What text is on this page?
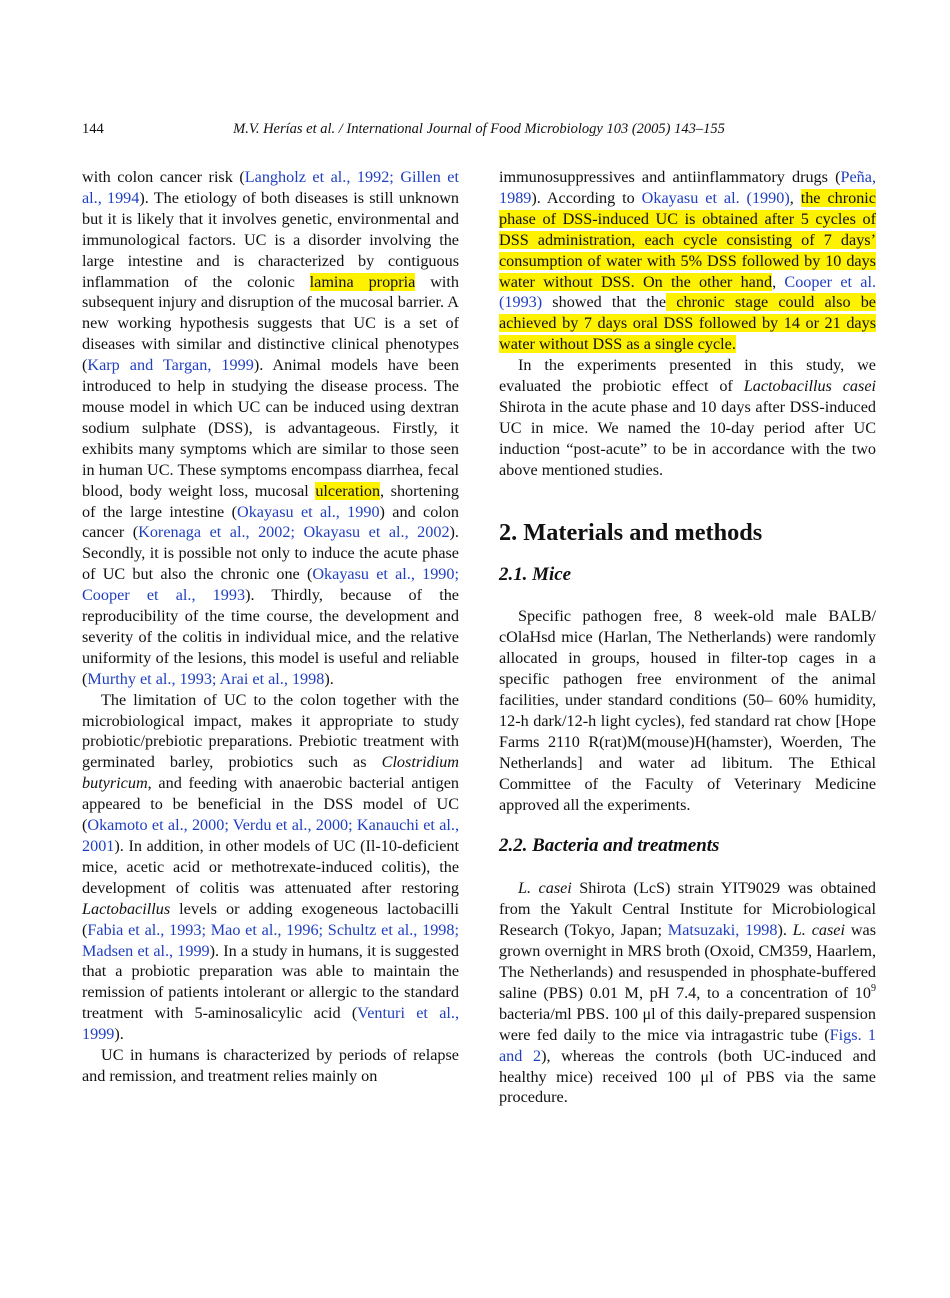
144	M.V. Herías et al. / International Journal of Food Microbiology 103 (2005) 143–155

with colon cancer risk (Langholz et al., 1992; Gillen et al., 1994). The etiology of both diseases is still unknown but it is likely that it involves genetic, environmental and immunological factors. UC is a disorder involving the large intestine and is characterized by contiguous inflammation of the colonic lamina propria with subsequent injury and disruption of the mucosal barrier. A new working hypothesis suggests that UC is a set of diseases with similar and distinctive clinical phenotypes (Karp and Targan, 1999). Animal models have been introduced to help in studying the disease process. The mouse model in which UC can be induced using dextran sodium sulphate (DSS), is advantageous. Firstly, it exhibits many symptoms which are similar to those seen in human UC. These symptoms encompass diarrhea, fecal blood, body weight loss, mucosal ulceration, shortening of the large intestine (Okayasu et al., 1990) and colon cancer (Korenaga et al., 2002; Okayasu et al., 2002). Secondly, it is possible not only to induce the acute phase of UC but also the chronic one (Okayasu et al., 1990; Cooper et al., 1993). Thirdly, because of the reproducibility of the time course, the development and severity of the colitis in individual mice, and the relative uniformity of the lesions, this model is useful and reliable (Murthy et al., 1993; Arai et al., 1998).

The limitation of UC to the colon together with the microbiological impact, makes it appropriate to study probiotic/prebiotic preparations. Prebiotic treatment with germinated barley, probiotics such as Clostridium butyricum, and feeding with anaerobic bacterial antigen appeared to be beneficial in the DSS model of UC (Okamoto et al., 2000; Verdu et al., 2000; Kanauchi et al., 2001). In addition, in other models of UC (Il-10-deficient mice, acetic acid or methotrexate-induced colitis), the development of colitis was attenuated after restoring Lactobacillus levels or adding exogeneous lactobacilli (Fabia et al., 1993; Mao et al., 1996; Schultz et al., 1998; Madsen et al., 1999). In a study in humans, it is suggested that a probiotic preparation was able to maintain the remission of patients intolerant or allergic to the standard treatment with 5-aminosalicylic acid (Venturi et al., 1999).

UC in humans is characterized by periods of relapse and remission, and treatment relies mainly on

immunosuppressives and antiinflammatory drugs (Peña, 1989). According to Okayasu et al. (1990), the chronic phase of DSS-induced UC is obtained after 5 cycles of DSS administration, each cycle consisting of 7 days’ consumption of water with 5% DSS followed by 10 days water without DSS. On the other hand, Cooper et al. (1993) showed that the chronic stage could also be achieved by 7 days oral DSS followed by 14 or 21 days water without DSS as a single cycle.

In the experiments presented in this study, we evaluated the probiotic effect of Lactobacillus casei Shirota in the acute phase and 10 days after DSS-induced UC in mice. We named the 10-day period after UC induction “post-acute” to be in accordance with the two above mentioned studies.

2. Materials and methods
2.1. Mice

Specific pathogen free, 8 week-old male BALB/ cOlaHsd mice (Harlan, The Netherlands) were randomly allocated in groups, housed in filter-top cages in a specific pathogen free environment of the animal facilities, under standard conditions (50– 60% humidity, 12-h dark/12-h light cycles), fed standard rat chow [Hope Farms 2110 R(rat)M(mouse)H(hamster), Woerden, The Netherlands] and water ad libitum. The Ethical Committee of the Faculty of Veterinary Medicine approved all the experiments.

2.2. Bacteria and treatments

L. casei Shirota (LcS) strain YIT9029 was obtained from the Yakult Central Institute for Microbiological Research (Tokyo, Japan; Matsuzaki, 1998). L. casei was grown overnight in MRS broth (Oxoid, CM359, Haarlem, The Netherlands) and resuspended in phosphate-buffered saline (PBS) 0.01 M, pH 7.4, to a concentration of $10^9$ bacteria/ml PBS. 100 μl of this daily-prepared suspension were fed daily to the mice via intragastric tube (Figs. 1 and 2), whereas the controls (both UC-induced and healthy mice) received 100 μl of PBS via the same procedure.
